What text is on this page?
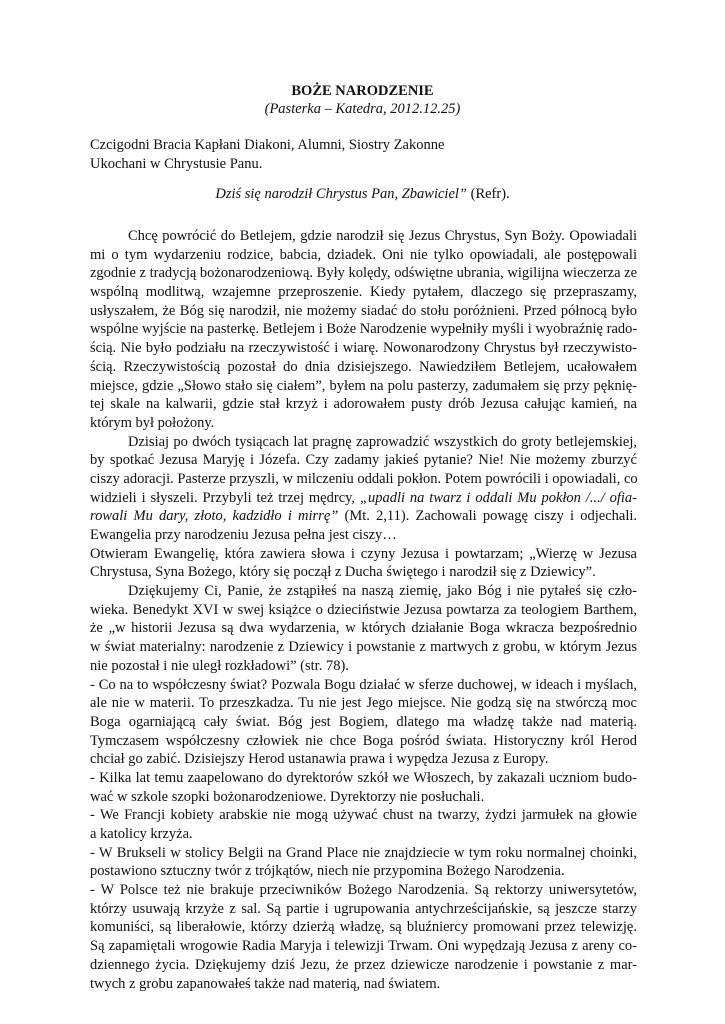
BOŻE NARODZENIE
(Pasterka – Katedra, 2012.12.25)
Czcigodni Bracia Kapłani Diakoni, Alumni, Siostry Zakonne
Ukochani w Chrystusie Panu.
Dziś się narodził Chrystus Pan, Zbawiciel” (Refr).
Chcę powrócić do Betlejem, gdzie narodził się Jezus Chrystus, Syn Boży. Opowiadali
mi o tym wydarzeniu rodzice, babcia, dziadek. Oni nie tylko opowiadali, ale postępowali
zgodnie z tradycją bożonarodzeniową. Były kolędy, odświętne ubrania, wigilijna wieczerza ze
wspólną modlitwą, wzajemne przeproszenie. Kiedy pytałem, dlaczego się przepraszamy,
usłyszałem, że Bóg się narodził, nie możemy siadać do stołu poróżnieni. Przed północą było
wspólne wyjście na pasterkę. Betlejem i Boże Narodzenie wypełniły myśli i wyobraźnię rado-
ścią. Nie było podziału na rzeczywistość i wiarę. Nowonarodzony Chrystus był rzeczywisto-
ścią. Rzeczywistością pozostał do dnia dzisiejszego. Nawiedziłem Betlejem, ucałowałem
miejsce, gdzie „Słowo stało się ciałem”, byłem na polu pasterzy, zadumałem się przy pęknię-
tej skale na kalwarii, gdzie stał krzyż i adorowałem pusty drób Jezusa całując kamień, na
którym był położony.
Dzisiaj po dwóch tysiącach lat pragnę zaprowadzić wszystkich do groty betlejemskiej,
by spotkać Jezusa Maryję i Józefa. Czy zadamy jakieś pytanie? Nie! Nie możemy zburzyć
ciszy adoracji. Pasterze przyszli, w milczeniu oddali pokłon. Potem powrócili i opowiadali, co
widzieli i słyszeli. Przybyli też trzej mędrcy, „upadli na twarz i oddali Mu pokłon /.../ ofia-
rowali Mu dary, złoto, kadzidło i mirrę” (Mt. 2,11). Zachowali powagę ciszy i odjechali.
Ewangelia przy narodzeniu Jezusa pełna jest ciszy…
Otwieram Ewangelię, która zawiera słowa i czyny Jezusa i powtarzam; „Wierzę w Jezusa
Chrystusa, Syna Bożego, który się począł z Ducha świętego i narodził się z Dziewicy”.
Dziękujemy Ci, Panie, że zstąpiłeś na naszą ziemię, jako Bóg i nie pytałeś się czło-
wieka. Benedykt XVI w swej książce o dzieciństwie Jezusa powtarza za teologiem Barthem,
że „w historii Jezusa są dwa wydarzenia, w których działanie Boga wkracza bezpośrednio
w świat materialny: narodzenie z Dziewicy i powstanie z martwych z grobu, w którym Jezus
nie pozostał i nie uległ rozkładowi” (str. 78).
- Co na to współczesny świat? Pozwala Bogu działać w sferze duchowej, w ideach i myślach,
ale nie w materii. To przeszkadza. Tu nie jest Jego miejsce. Nie godzą się na stwórczą moc
Boga ogarniającą cały świat. Bóg jest Bogiem, dlatego ma władzę także nad materią.
Tymczasem współczesny człowiek nie chce Boga pośród świata. Historyczny król Herod
chciał go zabić. Dzisiejszy Herod ustanawia prawa i wypędza Jezusa z Europy.
- Kilka lat temu zaapelowano do dyrektorów szkół we Włoszech, by zakazali uczniom budo-
wać w szkole szopki bożonarodzeniowe. Dyrektorzy nie posłuchali.
- We Francji kobiety arabskie nie mogą używać chust na twarzy, żydzi jarmułek na głowie
a katolicy krzyża.
- W Brukseli w stolicy Belgii na Grand Place nie znajdziecie w tym roku normalnej choinki,
postawiono sztuczny twór z trójkątów, niech nie przypomina Bożego Narodzenia.
- W Polsce też nie brakuje przeciwników Bożego Narodzenia. Są rektorzy uniwersytetów,
którzy usuwają krzyże z sal. Są partie i ugrupowania antychrześcijańskie, są jeszcze starzy
komuniści, są liberałowie, którzy dzierżą władzę, są bluźniercy promowani przez telewizję.
Są zapamiętali wrogowie Radia Maryja i telewizji Trwam. Oni wypędzają Jezusa z areny co-
dziennego życia. Dziękujemy dziś Jezu, że przez dziewicze narodzenie i powstanie z mar-
twych z grobu zapanowałeś także nad materią, nad światem.
